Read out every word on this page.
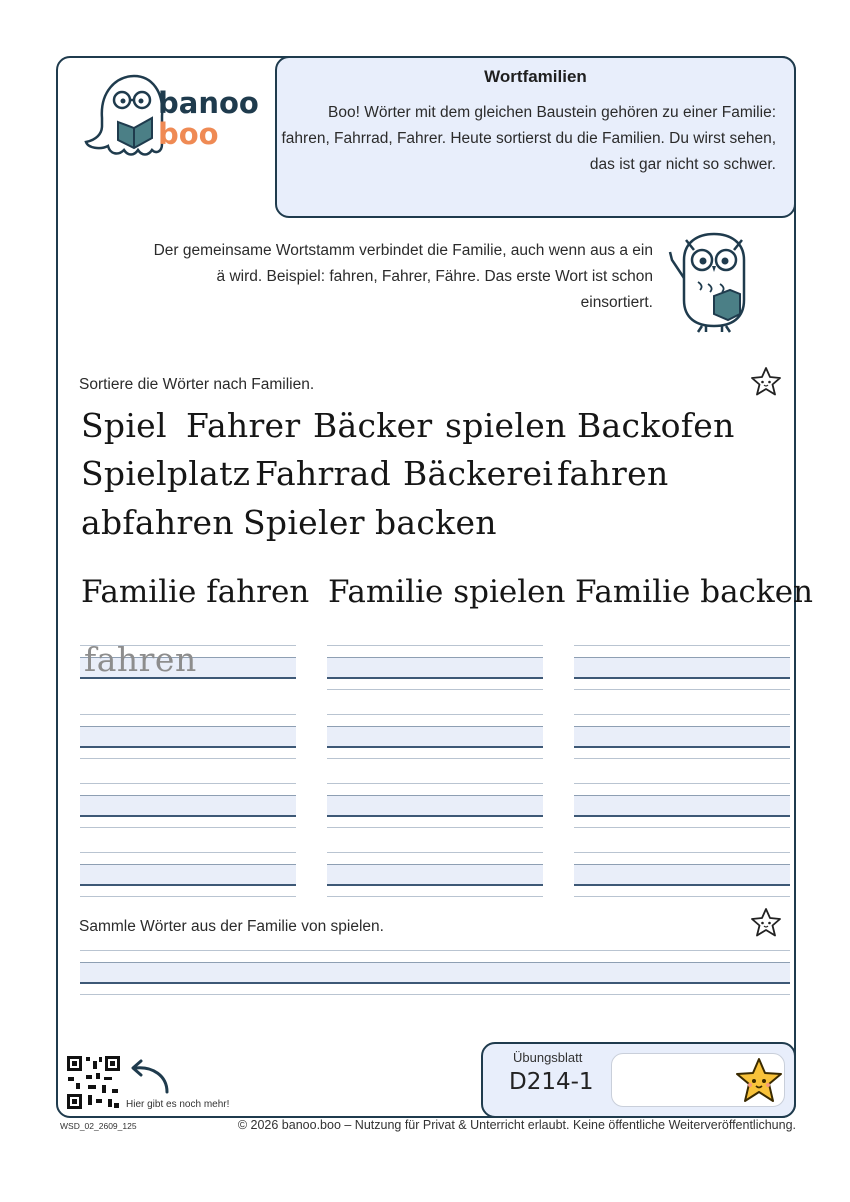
banoo
boo
Wortfamilien

Boo! Wörter mit dem gleichen Baustein gehören zu einer Familie: fahren, Fahrrad, Fahrer. Heute sortierst du die Familien. Du wirst sehen, das ist gar nicht so schwer.

Der gemeinsame Wortstamm verbindet die Familie, auch wenn aus a ein ä wird. Beispiel: fahren, Fahrer, Fähre. Das erste Wort ist schon einsortiert.

Sortiere die Wörter nach Familien.

Spiel Fahrer Bäcker spielen Backofen
Spielplatz Fahrrad Bäckerei fahren
abfahren Spieler backen
Familie fahren Familie spielen Familie backen
fahren

Sammle Wörter aus der Familie von spielen.

Hier gibt es noch mehr!
WSD_02_2609_125	© 2026 banoo.boo – Nutzung für Privat & Unterricht erlaubt. Keine öffentliche Weiterveröffentlichung.
Übungsblatt
D214-1
